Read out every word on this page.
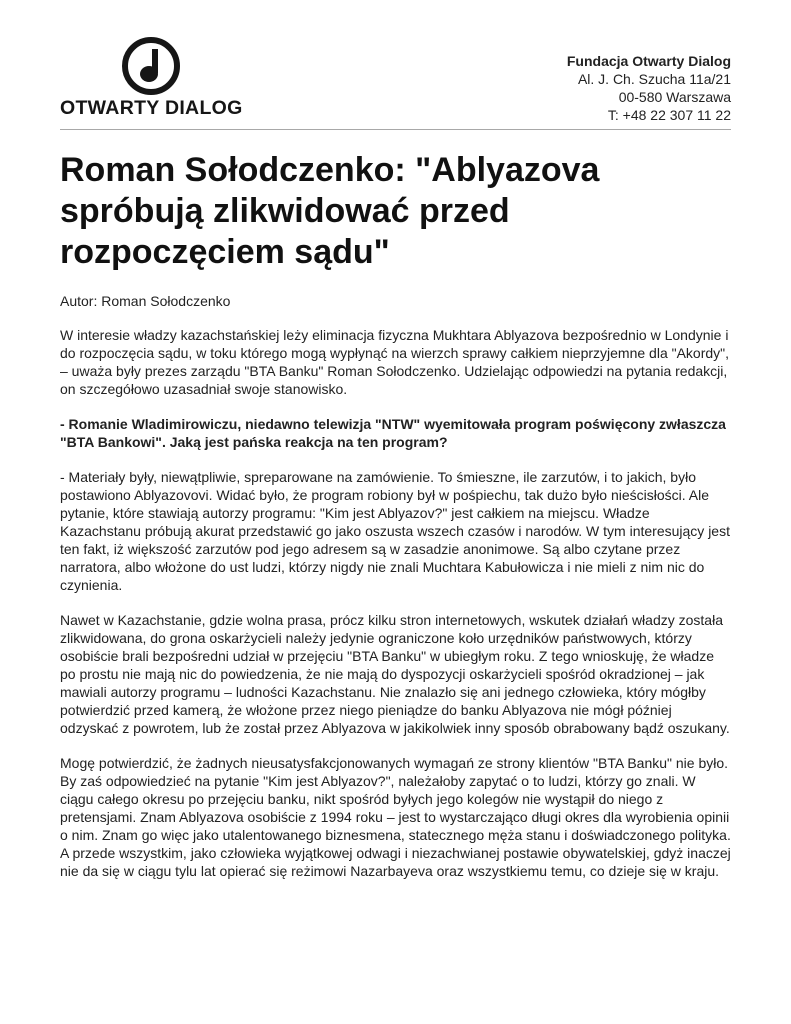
OTWARTY DIALOG
Fundacja Otwarty Dialog
Al. J. Ch. Szucha 11a/21
00-580 Warszawa
T: +48 22 307 11 22
Roman Sołodczenko: "Ablyazova spróbują zlikwidować przed rozpoczęciem sądu"
Autor: Roman Sołodczenko

W interesie władzy kazachstańskiej leży eliminacja fizyczna Mukhtara Ablyazova bezpośrednio w Londynie i do rozpoczęcia sądu, w toku którego mogą wypłynąć na wierzch sprawy całkiem nieprzyjemne dla "Akordy", – uważa były prezes zarządu "BTA Banku" Roman Sołodczenko. Udzielając odpowiedzi na pytania redakcji, on szczegółowo uzasadniał swoje stanowisko.

- Romanie Wladimirowiczu, niedawno telewizja "NTW" wyemitowała program poświęcony zwłaszcza "BTA Bankowi". Jaką jest pańska reakcja na ten program?

- Materiały były, niewątpliwie, spreparowane na zamówienie. To śmieszne, ile zarzutów, i to jakich, było postawiono Ablyazovovi. Widać było, że program robiony był w pośpiechu, tak dużo było nieścisłości. Ale pytanie, które stawiają autorzy programu: "Kim jest Ablyazov?" jest całkiem na miejscu. Władze Kazachstanu próbują akurat przedstawić go jako oszusta wszech czasów i narodów. W tym interesujący jest ten fakt, iż większość zarzutów pod jego adresem są w zasadzie anonimowe. Są albo czytane przez narratora, albo włożone do ust ludzi, którzy nigdy nie znali Muchtara Kabułowicza i nie mieli z nim nic do czynienia.

Nawet w Kazachstanie, gdzie wolna prasa, prócz kilku stron internetowych, wskutek działań władzy została zlikwidowana, do grona oskarżycieli należy jedynie ograniczone koło urzędników państwowych, którzy osobiście brali bezpośredni udział w przejęciu "BTA Banku" w ubiegłym roku. Z tego wnioskuję, że władze po prostu nie mają nic do powiedzenia, że nie mają do dyspozycji oskarżycieli spośród okradzionej – jak mawiali autorzy programu – ludności Kazachstanu. Nie znalazło się ani jednego człowieka, który mógłby potwierdzić przed kamerą, że włożone przez niego pieniądze do banku Ablyazova nie mógł później odzyskać z powrotem, lub że został przez Ablyazova w jakikolwiek inny sposób obrabowany bądź oszukany.

Mogę potwierdzić, że żadnych nieusatysfakcjonowanych wymagań ze strony klientów "BTA Banku" nie było. By zaś odpowiedzieć na pytanie "Kim jest Ablyazov?", należałoby zapytać o to ludzi, którzy go znali. W ciągu całego okresu po przejęciu banku, nikt spośród byłych jego kolegów nie wystąpił do niego z pretensjami. Znam Ablyazova osobiście z 1994 roku – jest to wystarczająco długi okres dla wyrobienia opinii o nim. Znam go więc jako utalentowanego biznesmena, statecznego męża stanu i doświadczonego polityka. A przede wszystkim, jako człowieka wyjątkowej odwagi i niezachwianej postawie obywatelskiej, gdyż inaczej nie da się w ciągu tylu lat opierać się reżimowi Nazarbayeva oraz wszystkiemu temu, co dzieje się w kraju.
